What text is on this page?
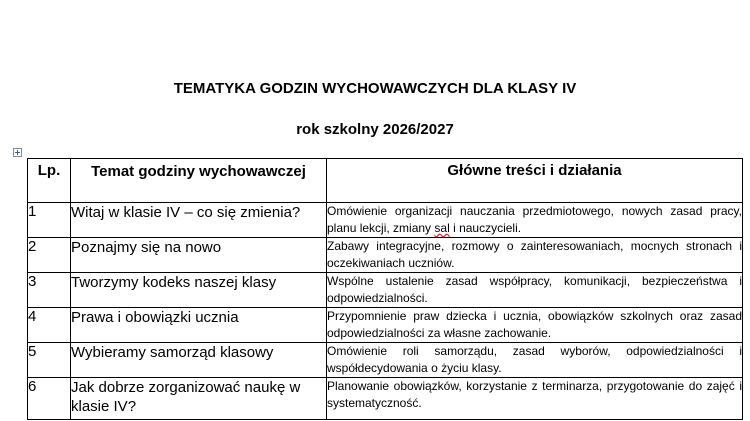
TEMATYKA GODZIN WYCHOWAWCZYCH DLA KLASY IV
rok szkolny 2026/2027
Lp.	Temat godziny wychowawczej	Główne treści i działania

1	Witaj w klasie IV – co się zmienia?	Omówienie organizacji nauczania przedmiotowego, nowych zasad pracy, planu lekcji, zmiany sal i nauczycieli.
2	Poznajmy się na nowo	Zabawy integracyjne, rozmowy o zainteresowaniach, mocnych stronach i oczekiwaniach uczniów.
3	Tworzymy kodeks naszej klasy	Wspólne ustalenie zasad współpracy, komunikacji, bezpieczeństwa i odpowiedzialności.
4	Prawa i obowiązki ucznia	Przypomnienie praw dziecka i ucznia, obowiązków szkolnych oraz zasad odpowiedzialności za własne zachowanie.
5	Wybieramy samorząd klasowy	Omówienie roli samorządu, zasad wyborów, odpowiedzialności i współdecydowania o życiu klasy.
6	Jak dobrze zorganizować naukę w klasie IV?	Planowanie obowiązków, korzystanie z terminarza, przygotowanie do zajęć i systematyczność.
